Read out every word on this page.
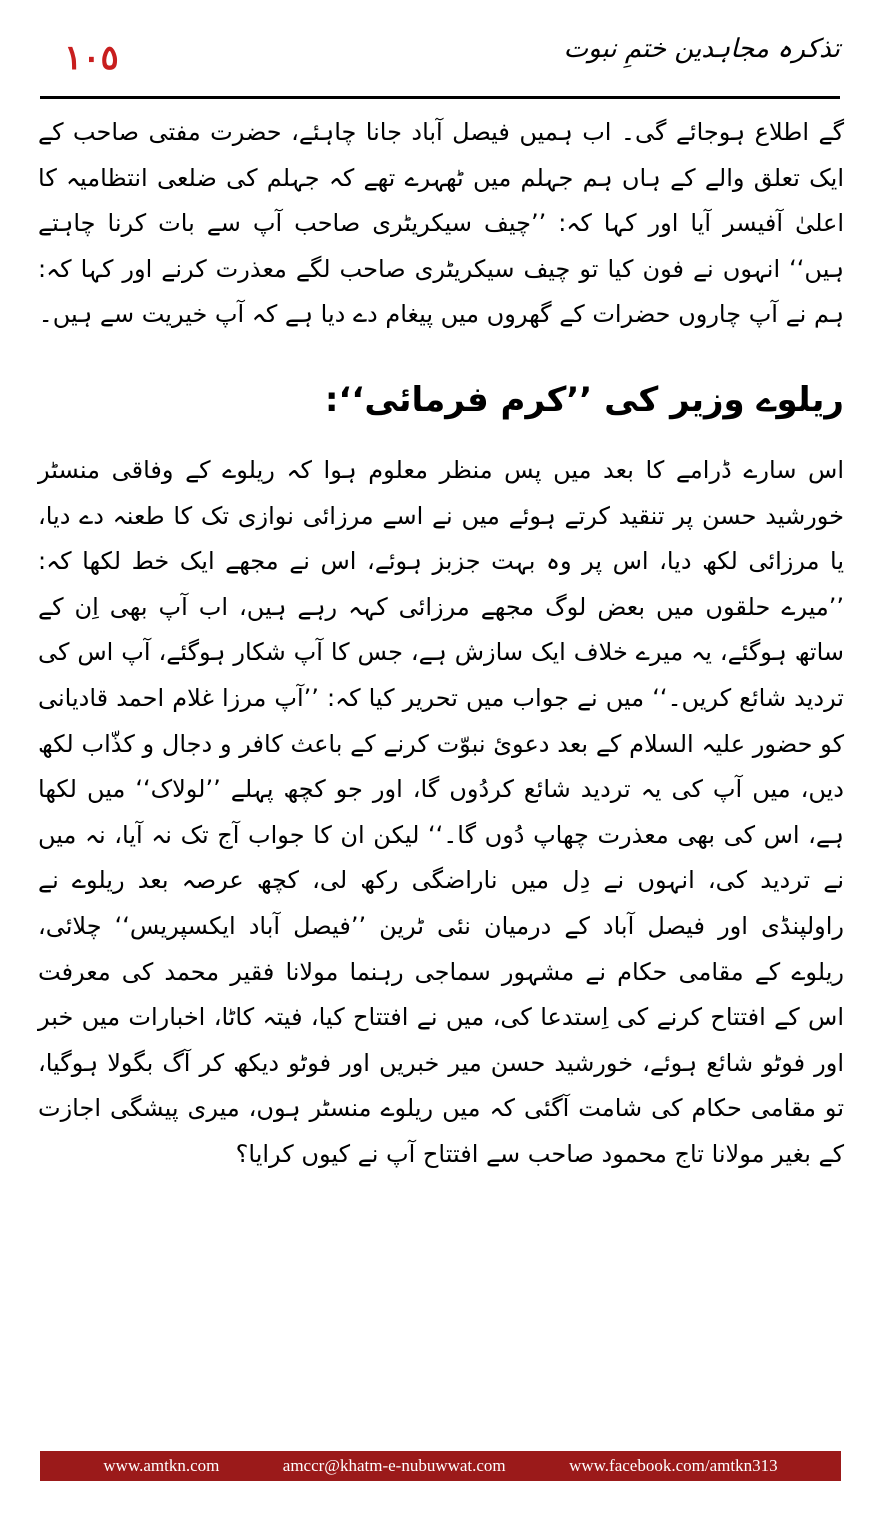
١٠٥	تذکرہ مجاہدین ختمِ نبوت

گے اطلاع ہوجائے گی۔ اب ہمیں فیصل آباد جانا چاہئے، حضرت مفتی صاحب کے ایک تعلق والے کے ہاں ہم جہلم میں ٹھہرے تھے کہ جہلم کی ضلعی انتظامیہ کا اعلیٰ آفیسر آیا اور کہا کہ: ’’چیف سیکریٹری صاحب آپ سے بات کرنا چاہتے ہیں‘‘ انہوں نے فون کیا تو چیف سیکریٹری صاحب لگے معذرت کرنے اور کہا کہ: ہم نے آپ چاروں حضرات کے گھروں میں پیغام دے دیا ہے کہ آپ خیریت سے ہیں۔

ریلوے وزیر کی ’’کرم فرمائی‘‘:

اس سارے ڈرامے کا بعد میں پس منظر معلوم ہوا کہ ریلوے کے وفاقی منسٹر خورشید حسن پر تنقید کرتے ہوئے میں نے اسے مرزائی نوازی تک کا طعنہ دے دیا، یا مرزائی لکھ دیا، اس پر وہ بہت جزبز ہوئے، اس نے مجھے ایک خط لکھا کہ: ’’میرے حلقوں میں بعض لوگ مجھے مرزائی کہہ رہے ہیں، اب آپ بھی اِن کے ساتھ ہوگئے، یہ میرے خلاف ایک سازش ہے، جس کا آپ شکار ہوگئے، آپ اس کی تردید شائع کریں۔‘‘ میں نے جواب میں تحریر کیا کہ: ’’آپ مرزا غلام احمد قادیانی کو حضور علیہ السلام کے بعد دعویٔ نبوّت کرنے کے باعث کافر و دجال و کذّاب لکھ دیں، میں آپ کی یہ تردید شائع کردُوں گا، اور جو کچھ پہلے ’’لولاک‘‘ میں لکھا ہے، اس کی بھی معذرت چھاپ دُوں گا۔‘‘ لیکن ان کا جواب آج تک نہ آیا، نہ میں نے تردید کی، انہوں نے دِل میں ناراضگی رکھ لی، کچھ عرصہ بعد ریلوے نے راولپنڈی اور فیصل آباد کے درمیان نئی ٹرین ’’فیصل آباد ایکسپریس‘‘ چلائی، ریلوے کے مقامی حکام نے مشہور سماجی رہنما مولانا فقیر محمد کی معرفت اس کے افتتاح کرنے کی اِستدعا کی، میں نے افتتاح کیا، فیتہ کاٹا، اخبارات میں خبر اور فوٹو شائع ہوئے، خورشید حسن میر خبریں اور فوٹو دیکھ کر آگ بگولا ہوگیا، تو مقامی حکام کی شامت آگئی کہ میں ریلوے منسٹر ہوں، میری پیشگی اجازت کے بغیر مولانا تاج محمود صاحب سے افتتاح آپ نے کیوں کرایا؟

www.amtkn.com	amccr@khatm-e-nubuwwat.com	www.facebook.com/amtkn313
